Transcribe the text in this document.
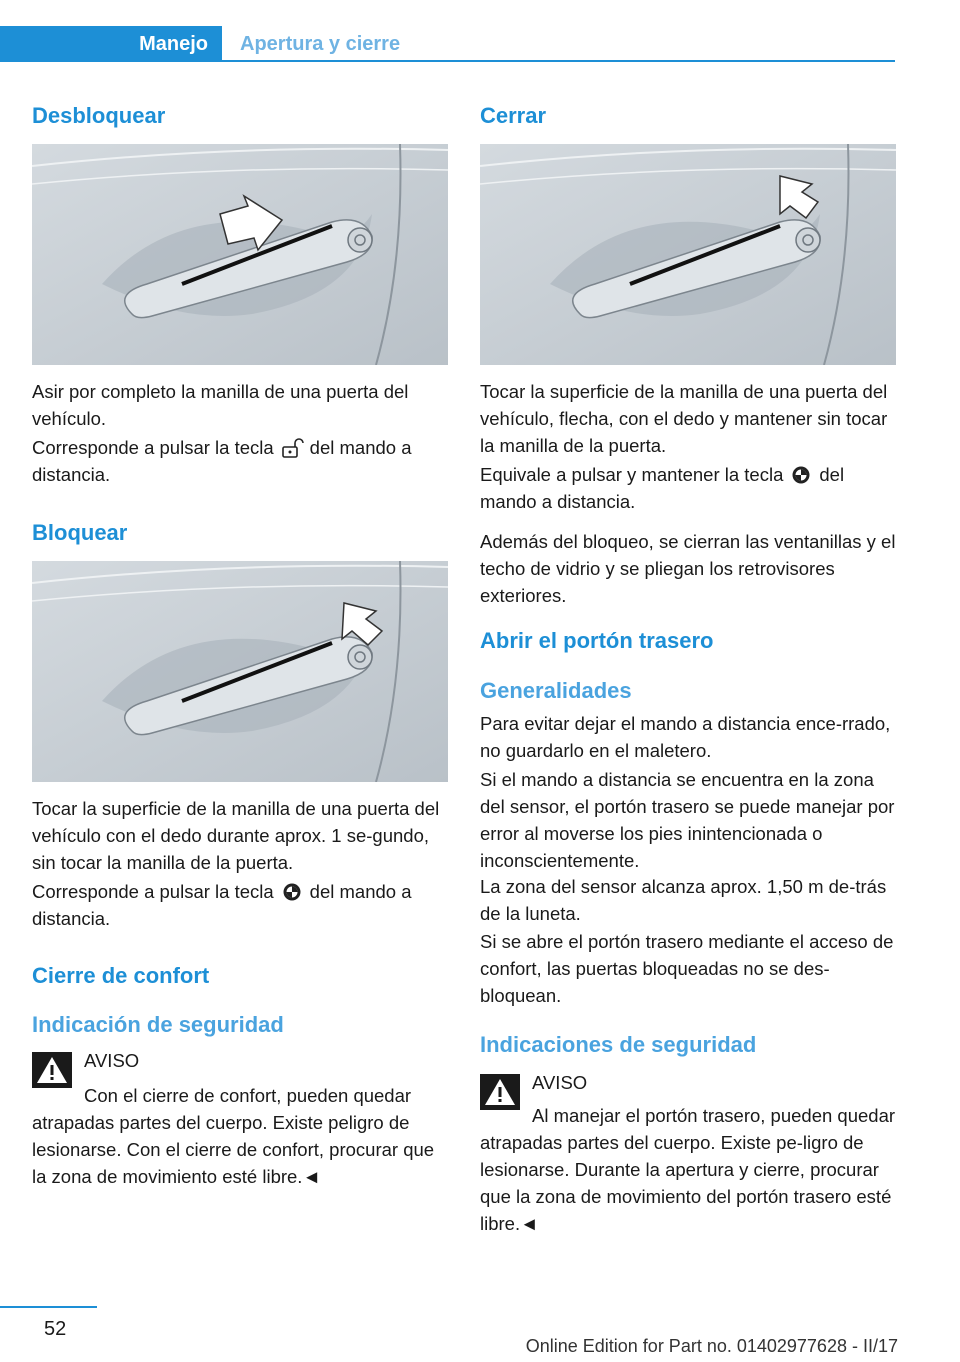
Manejo	Apertura y cierre
Desbloquear

Asir por completo la manilla de una puerta del vehículo.

Corresponde a pulsar la tecla del mando a distancia.

Bloquear

Tocar la superficie de la manilla de una puerta del vehículo con el dedo durante aprox. 1 se-gundo, sin tocar la manilla de la puerta.

Corresponde a pulsar la tecla del mando a distancia.

Cierre de confort
Indicación de seguridad

AVISO

Con el cierre de confort, pueden quedar atrapadas partes del cuerpo. Existe peligro de lesionarse. Con el cierre de confort, procurar que la zona de movimiento esté libre.◄

Cerrar

Tocar la superficie de la manilla de una puerta del vehículo, flecha, con el dedo y mantener sin tocar la manilla de la puerta.

Equivale a pulsar y mantener la tecla del mando a distancia.

Además del bloqueo, se cierran las ventanillas y el techo de vidrio y se pliegan los retrovisores exteriores.

Abrir el portón trasero
Generalidades

Para evitar dejar el mando a distancia ence-rrado, no guardarlo en el maletero.

Si el mando a distancia se encuentra en la zona del sensor, el portón trasero se puede manejar por error al moverse los pies inintencionada o inconscientemente.

La zona del sensor alcanza aprox. 1,50 m de-trás de la luneta.

Si se abre el portón trasero mediante el acceso de confort, las puertas bloqueadas no se des-bloquean.

Indicaciones de seguridad

AVISO

Al manejar el portón trasero, pueden quedar atrapadas partes del cuerpo. Existe pe-ligro de lesionarse. Durante la apertura y cierre, procurar que la zona de movimiento del portón trasero esté libre.◄

52
Online Edition for Part no. 01402977628 - II/17
